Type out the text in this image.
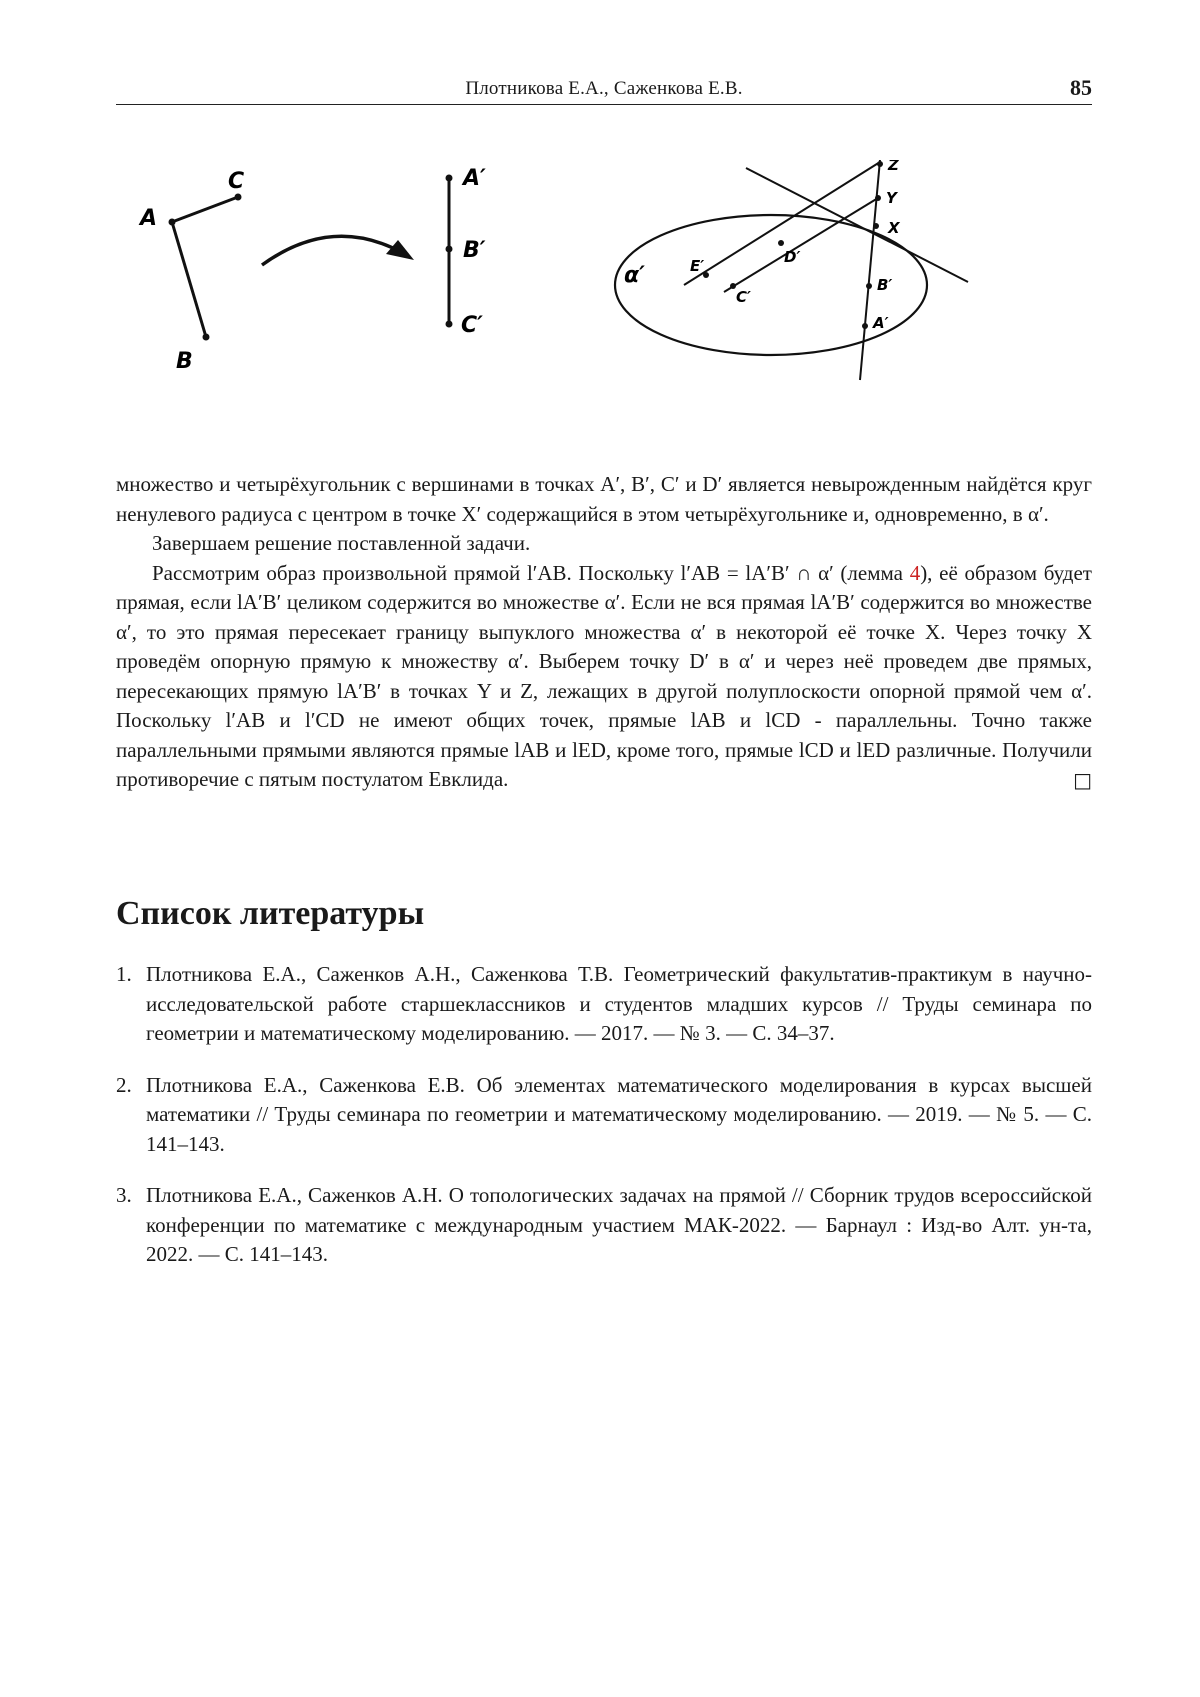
Плотникова Е.А., Саженкова Е.В.	85
A
C
B
A′
B′
C′
α′
Z
Y
X
D′
E′
C′
B′
A′

множество и четырёхугольник с вершинами в точках A′, B′, C′ и D′ является невырожденным найдётся круг ненулевого радиуса с центром в точке X′ содержащийся в этом четырёхугольнике и, одновременно, в α′.

Завершаем решение поставленной задачи.

Рассмотрим образ произвольной прямой l′AB. Поскольку l′AB = lA′B′ ∩ α′ (лемма 4), её образом будет прямая, если lA′B′ целиком содержится во множестве α′. Если не вся прямая lA′B′ содержится во множестве α′, то это прямая пересекает границу выпуклого множества α′ в некоторой её точке X. Через точку X проведём опорную прямую к множеству α′. Выберем точку D′ в α′ и через неё проведем две прямых, пересекающих прямую lA′B′ в точках Y и Z, лежащих в другой полуплоскости опорной прямой чем α′. Поскольку l′AB и l′CD не имеют общих точек, прямые lAB и lCD - параллельны. Точно также параллельными прямыми являются прямые lAB и lED, кроме того, прямые lCD и lED различные. Получили противоречие с пятым постулатом Евклида.	□

Список литературы
1. Плотникова Е.А., Саженков А.Н., Саженкова Т.В. Геометрический факультатив-практикум в научно-исследовательской работе старшеклассников и студентов младших курсов // Труды семинара по геометрии и математическому моделированию. — 2017. — № 3. — С. 34–37.
2. Плотникова Е.А., Саженкова Е.В. Об элементах математического моделирования в курсах высшей математики // Труды семинара по геометрии и математическому моделированию. — 2019. — № 5. — С. 141–143.
3. Плотникова Е.А., Саженков А.Н. О топологических задачах на прямой // Сборник трудов всероссийской конференции по математике с международным участием МАК-2022. — Барнаул : Изд-во Алт. ун-та, 2022. — С. 141–143.
